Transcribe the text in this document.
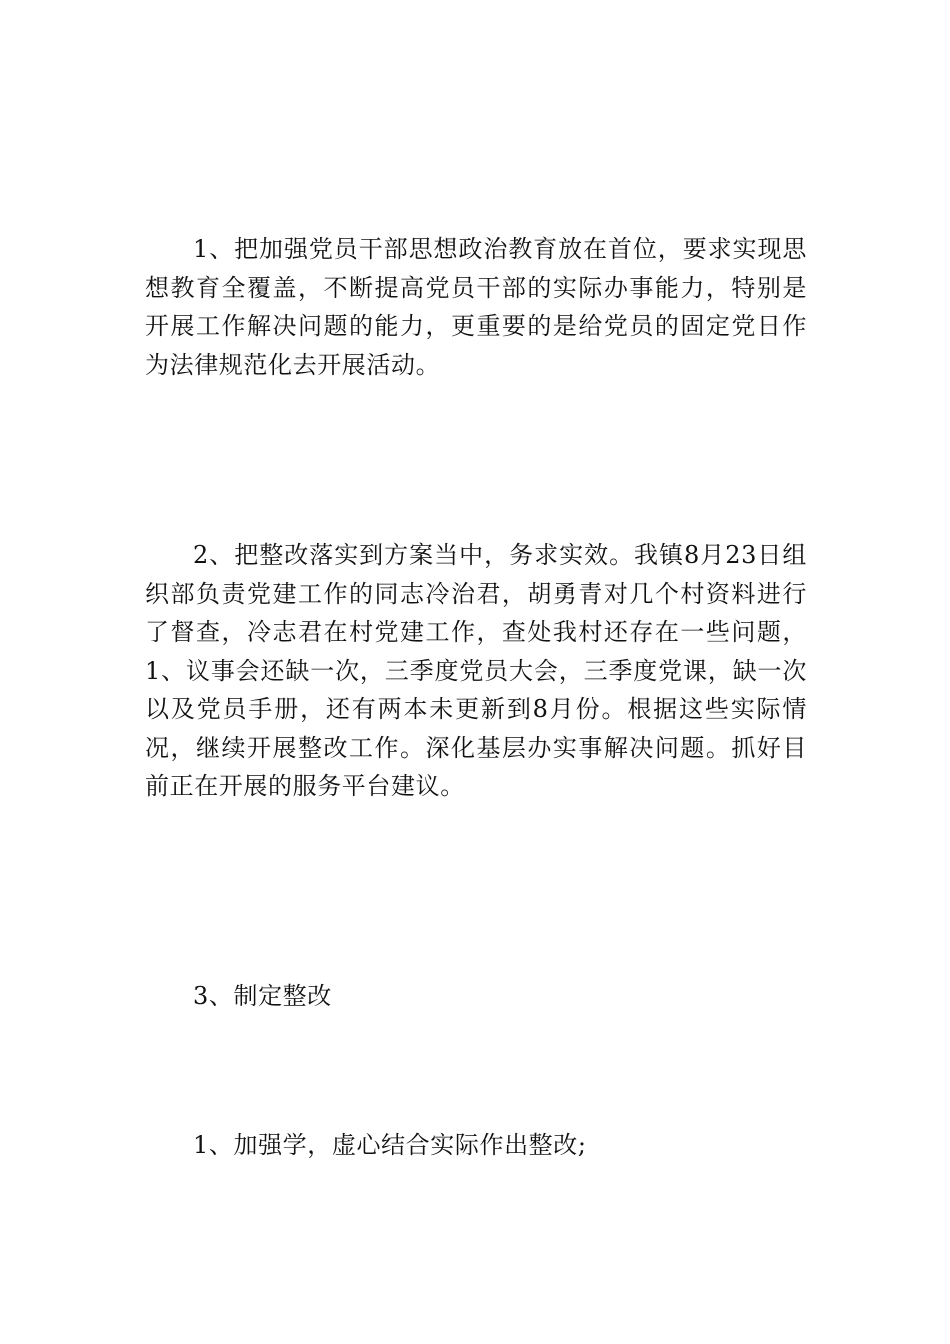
1、把加强党员干部思想政治教育放在首位，要求实现思想教育全覆盖，不断提高党员干部的实际办事能力，特别是开展工作解决问题的能力，更重要的是给党员的固定党日作为法律规范化去开展活动。

2、把整改落实到方案当中，务求实效。我镇8月23日组织部负责党建工作的同志冷治君，胡勇青对几个村资料进行了督查，冷志君在村党建工作，查处我村还存在一些问题，1、议事会还缺一次，三季度党员大会，三季度党课，缺一次以及党员手册，还有两本未更新到8月份。根据这些实际情况，继续开展整改工作。深化基层办实事解决问题。抓好目前正在开展的服务平台建议。

3、制定整改

1、加强学，虚心结合实际作出整改;
